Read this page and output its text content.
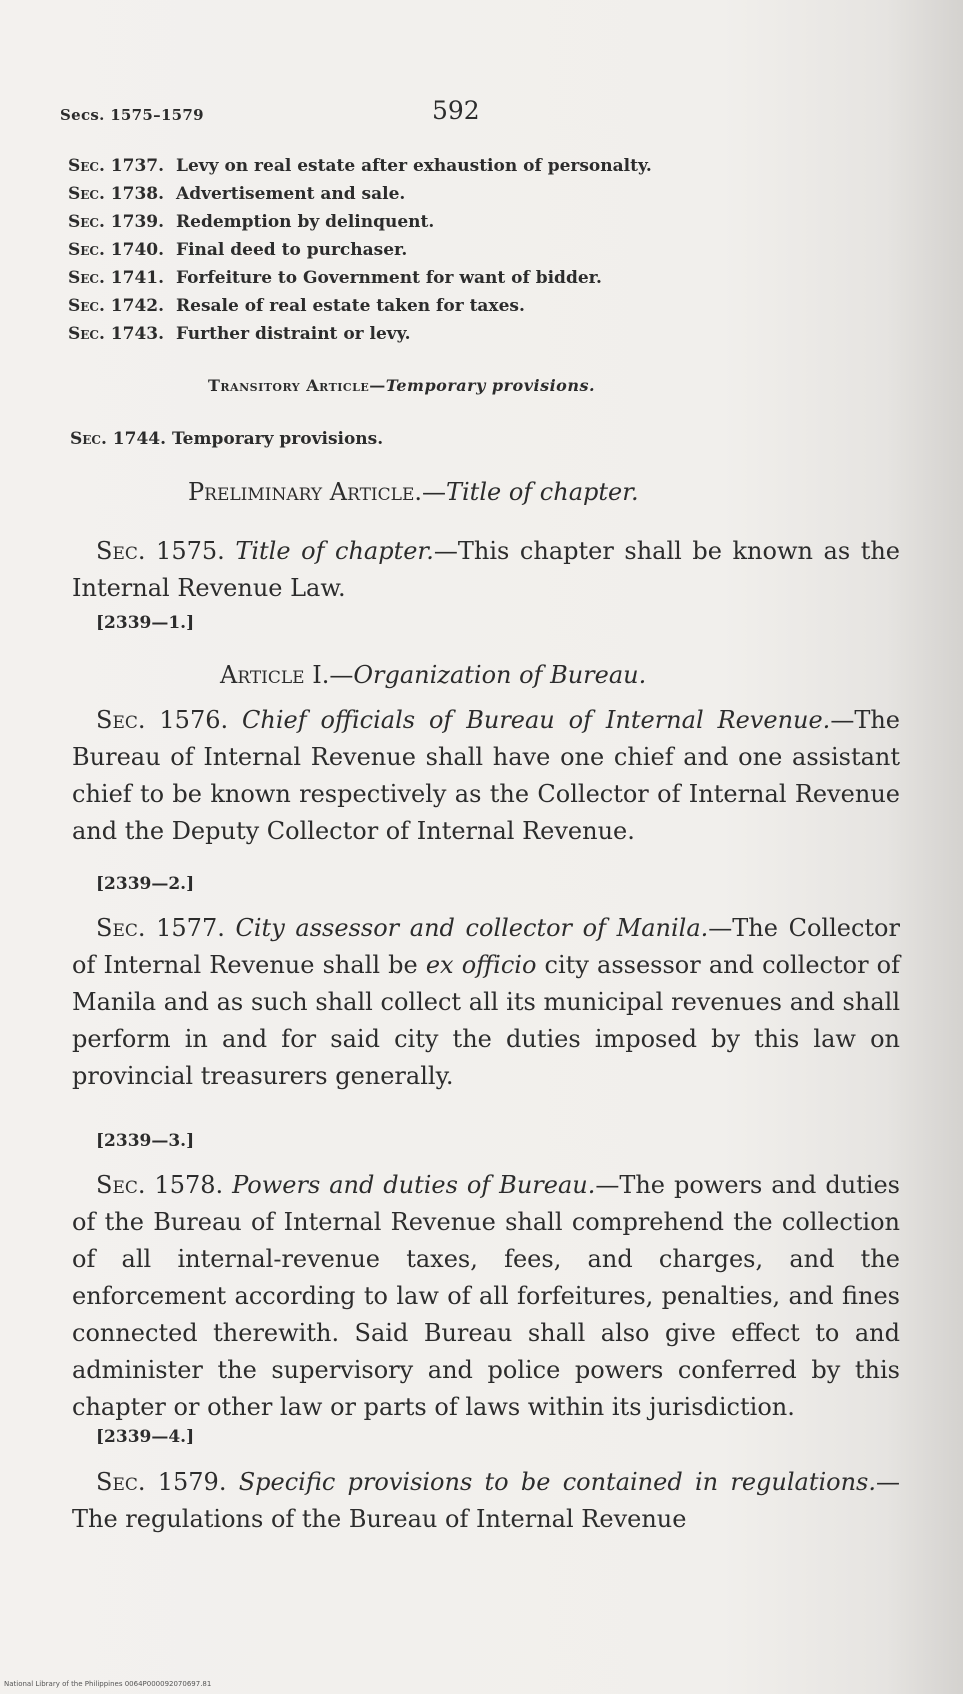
Secs. 1575–1579	592
Sec. 1737. Levy on real estate after exhaustion of personalty.
Sec. 1738. Advertisement and sale.
Sec. 1739. Redemption by delinquent.
Sec. 1740. Final deed to purchaser.
Sec. 1741. Forfeiture to Government for want of bidder.
Sec. 1742. Resale of real estate taken for taxes.
Sec. 1743. Further distraint or levy.
Transitory Article—Temporary provisions.
Sec. 1744. Temporary provisions.
Preliminary Article.—Title of chapter.
Sec. 1575. Title of chapter.—This chapter shall be known as the Internal Revenue Law.
[2339—1.]
Article I.—Organization of Bureau.
Sec. 1576. Chief officials of Bureau of Internal Revenue.—The Bureau of Internal Revenue shall have one chief and one assistant chief to be known respectively as the Collector of Internal Revenue and the Deputy Collector of Internal Revenue.
[2339—2.]
Sec. 1577. City assessor and collector of Manila.—The Collector of Internal Revenue shall be ex officio city assessor and collector of Manila and as such shall collect all its municipal revenues and shall perform in and for said city the duties imposed by this law on provincial treasurers generally.
[2339—3.]
Sec. 1578. Powers and duties of Bureau.—The powers and duties of the Bureau of Internal Revenue shall comprehend the collection of all internal-revenue taxes, fees, and charges, and the enforcement according to law of all forfeitures, penalties, and fines connected therewith. Said Bureau shall also give effect to and administer the supervisory and police powers conferred by this chapter or other law or parts of laws within its jurisdiction.
[2339—4.]
Sec. 1579. Specific provisions to be contained in regulations.—The regulations of the Bureau of Internal Revenue
National Library of the Philippines 0064P000092070697.81
